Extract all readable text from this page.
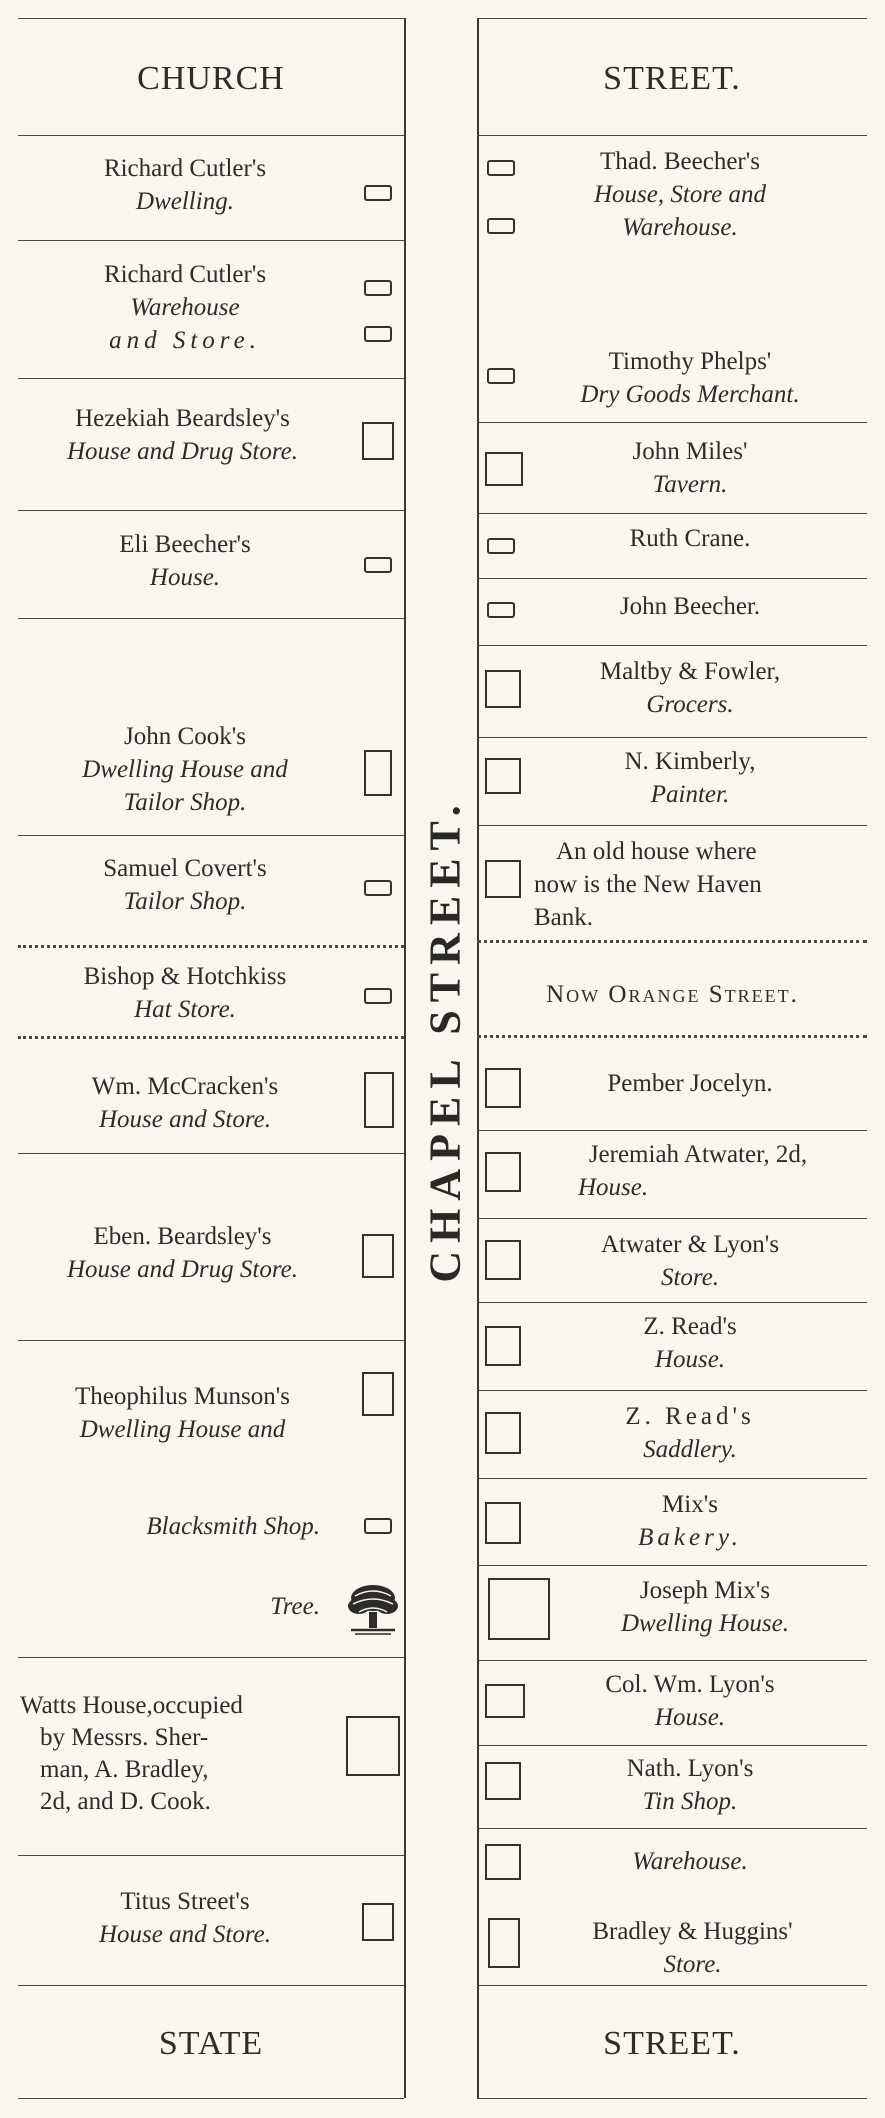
CHURCH	STREET.
CHAPEL STREET.
Richard Cutler's
Dwelling.
Richard Cutler's
Warehouse
and Store.
Hezekiah Beardsley's
House and Drug Store.
Eli Beecher's
House.
John Cook's
Dwelling House and
Tailor Shop.
Samuel Covert's
Tailor Shop.
Bishop & Hotchkiss
Hat Store.
Wm. McCracken's
House and Store.
Eben. Beardsley's
House and Drug Store.
Theophilus Munson's
Dwelling House and
Blacksmith Shop.
Tree.
Watts House,occupied
by Messrs. Sher-
man, A. Bradley,
2d, and D. Cook.
Titus Street's
House and Store.
Thad. Beecher's
House, Store and
Warehouse.
Timothy Phelps'
Dry Goods Merchant.
John Miles'
Tavern.
Ruth Crane.
John Beecher.
Maltby & Fowler,
Grocers.
N. Kimberly,
Painter.
An old house where
now is the New Haven
Bank.
Now Orange Street.
Pember Jocelyn.
Jeremiah Atwater, 2d,
House.
Atwater & Lyon's
Store.
Z. Read's
House.
Z. Read's
Saddlery.
Mix's
Bakery.
Joseph Mix's
Dwelling House.
Col. Wm. Lyon's
House.
Nath. Lyon's
Tin Shop.
Warehouse.
Bradley & Huggins'
Store.
STATE	STREET.
